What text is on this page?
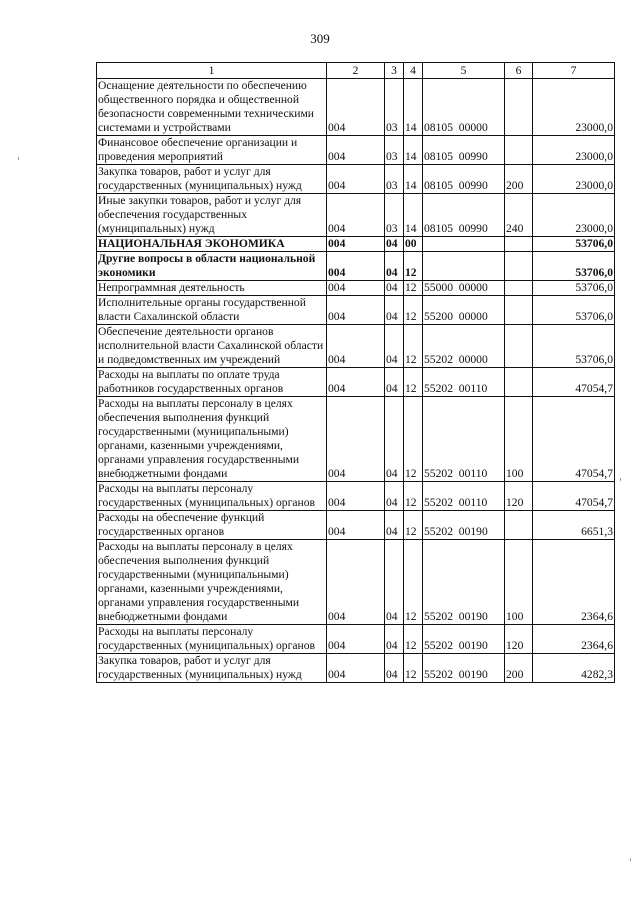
309
1	2	3	4	5	6	7
Оснащение деятельности по обеспечению общественного порядка и общественной безопасности современными техническими системами и устройствами	004	03	14	08105  00000		23000,0
Финансовое обеспечение организации и проведения мероприятий	004	03	14	08105  00990		23000,0
Закупка товаров, работ и услуг для государственных (муниципальных) нужд	004	03	14	08105  00990	200	23000,0
Иные закупки товаров, работ и услуг для обеспечения государственных (муниципальных) нужд	004	03	14	08105  00990	240	23000,0
НАЦИОНАЛЬНАЯ ЭКОНОМИКА	004	04	00			53706,0
Другие вопросы в области национальной экономики	004	04	12			53706,0
Непрограммная деятельность	004	04	12	55000  00000		53706,0
Исполнительные органы государственной власти Сахалинской области	004	04	12	55200  00000		53706,0
Обеспечение деятельности органов исполнительной власти Сахалинской области и подведомственных им учреждений	004	04	12	55202  00000		53706,0
Расходы на выплаты по оплате труда работников государственных органов	004	04	12	55202  00110		47054,7
Расходы на выплаты персоналу в целях обеспечения выполнения функций государственными (муниципальными) органами, казенными учреждениями, органами управления государственными внебюджетными фондами	004	04	12	55202  00110	100	47054,7
Расходы на выплаты персоналу государственных (муниципальных) органов	004	04	12	55202  00110	120	47054,7
Расходы на обеспечение функций государственных органов	004	04	12	55202  00190		6651,3
Расходы на выплаты персоналу в целях обеспечения выполнения функций государственными (муниципальными) органами, казенными учреждениями, органами управления государственными внебюджетными фондами	004	04	12	55202  00190	100	2364,6
Расходы на выплаты персоналу государственных (муниципальных) органов	004	04	12	55202  00190	120	2364,6
Закупка товаров, работ и услуг для государственных (муниципальных) нужд	004	04	12	55202  00190	200	4282,3
